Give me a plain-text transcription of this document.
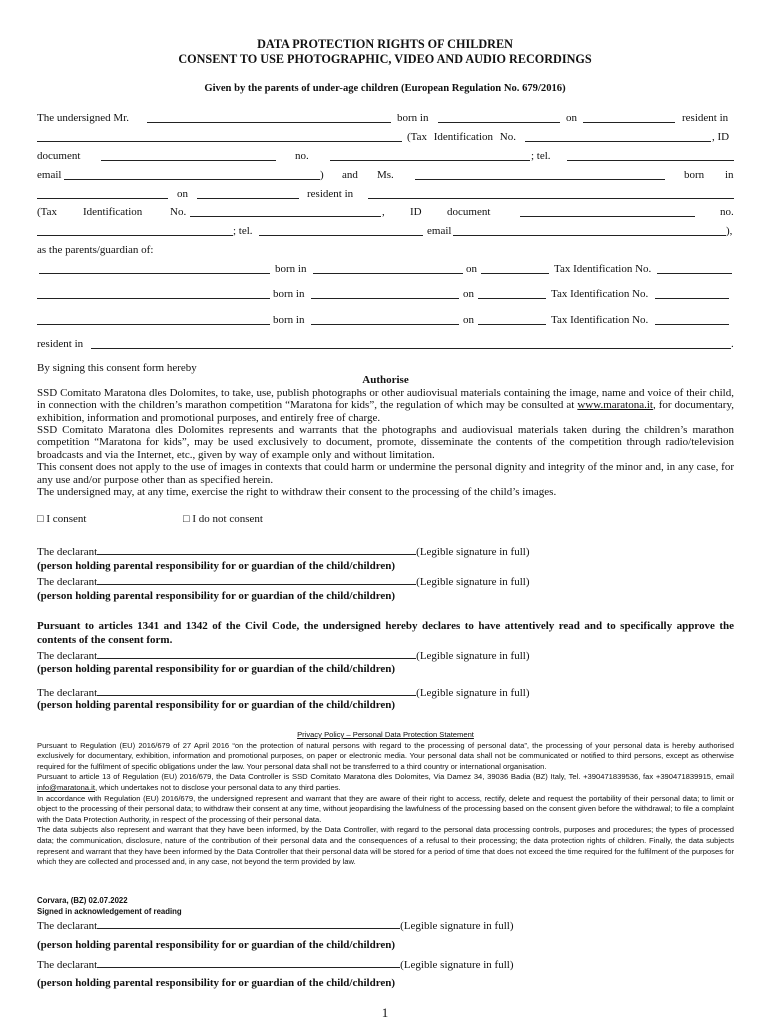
DATA PROTECTION RIGHTS OF CHILDREN
CONSENT TO USE PHOTOGRAPHIC, VIDEO AND AUDIO RECORDINGS
Given by the parents of under-age children (European Regulation No. 679/2016)
The undersigned Mr.	born in	on	resident in
(Tax Identification No.	, ID
document	no.	; tel.
email	) and Ms.	born in
on	resident in
(Tax Identification	No.	, ID document	no.
; tel.	email	),
as the parents/guardian of:
born in	on	Tax Identification No.
born in	on	Tax Identification No.
born in	on	Tax Identification No.
resident in	.

By signing this consent form hereby

Authorise

SSD Comitato Maratona dles Dolomites, to take, use, publish photographs or other audiovisual materials containing the image, name and voice of their child, in connection with the children’s marathon competition “Maratona for kids”, the regulation of which may be consulted at www.maratona.it, for documentary, exhibition, information and promotional purposes, and entirely free of charge.

SSD Comitato Maratona dles Dolomites represents and warrants that the photographs and audiovisual materials taken during the children’s marathon competition “Maratona for kids”, may be used exclusively to document, promote, disseminate the contents of the competition through radio/television broadcasts and via the Internet, etc., given by way of example only and without limitation.

This consent does not apply to the use of images in contexts that could harm or undermine the personal dignity and integrity of the minor and, in any case, for any use and/or purpose other than as specified herein.

The undersigned may, at any time, exercise the right to withdraw their consent to the processing of the child’s images.

□ I consent	□ I do not consent
The declarant	(Legible signature in full)
(person holding parental responsibility for or guardian of the child/children)
The declarant	(Legible signature in full)
(person holding parental responsibility for or guardian of the child/children)
Pursuant to articles 1341 and 1342 of the Civil Code, the undersigned hereby declares to have attentively read and to specifically approve the contents of the consent form.
The declarant	(Legible signature in full)
(person holding parental responsibility for or guardian of the child/children)
The declarant	(Legible signature in full)
(person holding parental responsibility for or guardian of the child/children)

Privacy Policy – Personal Data Protection Statement

Pursuant to Regulation (EU) 2016/679 of 27 April 2016 “on the protection of natural persons with regard to the processing of personal data”, the processing of your personal data is hereby authorised exclusively for documentary, exhibition, information and promotional purposes, on paper or electronic media. Your personal data shall not be communicated or notified to third persons, except as otherwise required for the fulfilment of specific obligations under the law. Your personal data shall not be transferred to a third country or international organisation.

Pursuant to article 13 of Regulation (EU) 2016/679, the Data Controller is SSD Comitato Maratona dles Dolomites, Via Damez 34, 39036 Badia (BZ) Italy, Tel. +390471839536, fax +390471839915, email info@maratona.it, which undertakes not to disclose your personal data to any third parties.

In accordance with Regulation (EU) 2016/679, the undersigned represent and warrant that they are aware of their right to access, rectify, delete and request the portability of their personal data; to limit or object to the processing of their personal data; to withdraw their consent at any time, without jeopardising the lawfulness of the processing based on the consent given before the withdrawal; to file a complaint with the Data Protection Authority, in respect of the processing of their personal data.

The data subjects also represent and warrant that they have been informed, by the Data Controller, with regard to the personal data processing controls, purposes and procedures; the types of processed data; the communication, disclosure, nature of the contribution of their personal data and the consequences of a refusal to their processing; the data protection rights of children. Finally, the data subjects represent and warrant that they have been informed by the Data Controller that their personal data will be stored for a period of time that does not exceed the time required for the fulfilment of the purposes for which they are collected and processed and, in any case, not beyond the term provided by law.

Corvara, (BZ) 02.07.2022
Signed in acknowledgement of reading
The declarant	(Legible signature in full)
(person holding parental responsibility for or guardian of the child/children)
The declarant	(Legible signature in full)
(person holding parental responsibility for or guardian of the child/children)
1
